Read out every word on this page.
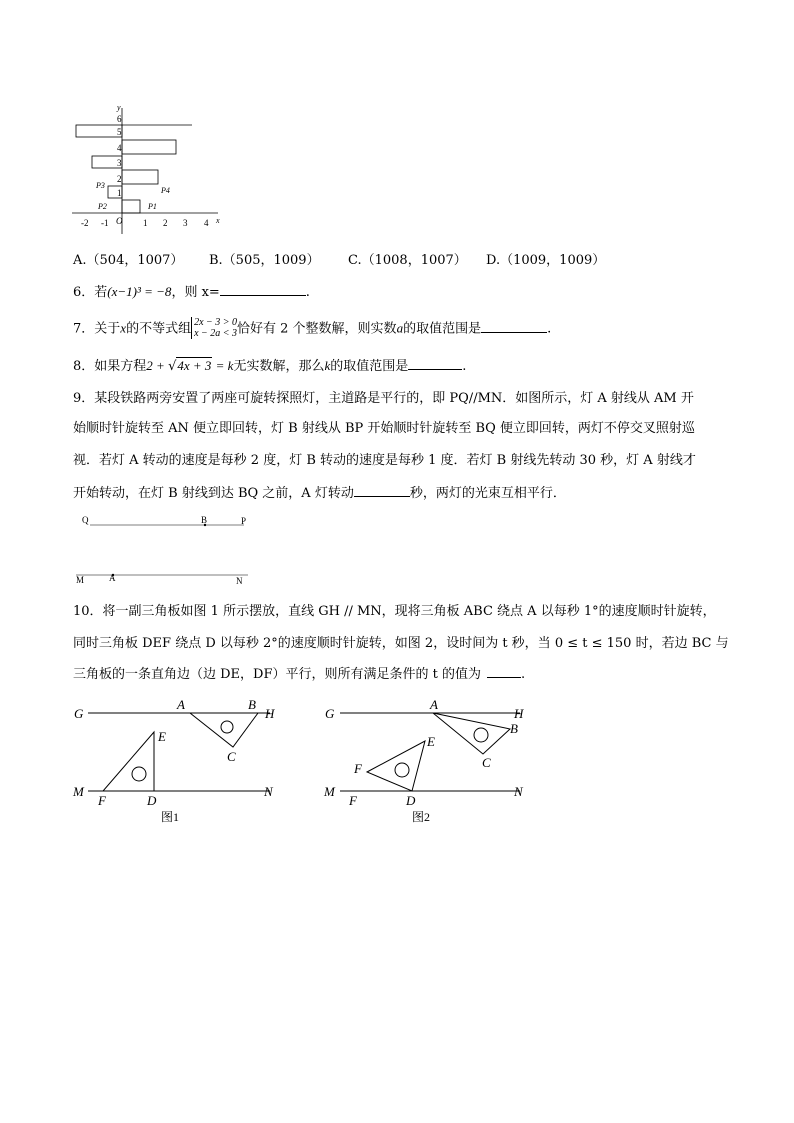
y
x
O
1
2
3
4
5
6
-2 -1	1 2 3 4
P1
P2
P3
P4
A.（504，1007） B.（505，1009） C.（1008，1007） D.（1009，1009）
6．若(x−1)³ = −8，则 x=	.
7．关于x的不等式组 2x − 3 > 0
x − 2a < 3恰好有 2 个整数解，则实数a的取值范围是	.
8．如果方程2 + √4x + 3 = k无实数解，那么k的取值范围是	.
9．某段铁路两旁安置了两座可旋转探照灯，主道路是平行的，即 PQ//MN．如图所示，灯 A 射线从 AM 开
始顺时针旋转至 AN 便立即回转，灯 B 射线从 BP 开始顺时针旋转至 BQ 便立即回转，两灯不停交叉照射巡
视．若灯 A 转动的速度是每秒 2 度，灯 B 转动的速度是每秒 1 度．若灯 B 射线先转动 30 秒，灯 A 射线才
开始转动，在灯 B 射线到达 BQ 之前，A 灯转动	秒，两灯的光束互相平行．
Q	B	P
M	A	N
10．将一副三角板如图 1 所示摆放，直线 GH // MN，现将三角板 ABC 绕点 A 以每秒 1°的速度顺时针旋转，
同时三角板 DEF 绕点 D 以每秒 2°的速度顺时针旋转，如图 2，设时间为 t 秒，当 0 ≤ t ≤ 150 时，若边 BC 与
三角板的一条直角边（边 DE，DF）平行，则所有满足条件的 t 的值为	.
G
A	B
H
E
C
M
F	D
N
图1
G
A
H
B
E
F	C
M
F	D
N
图2
